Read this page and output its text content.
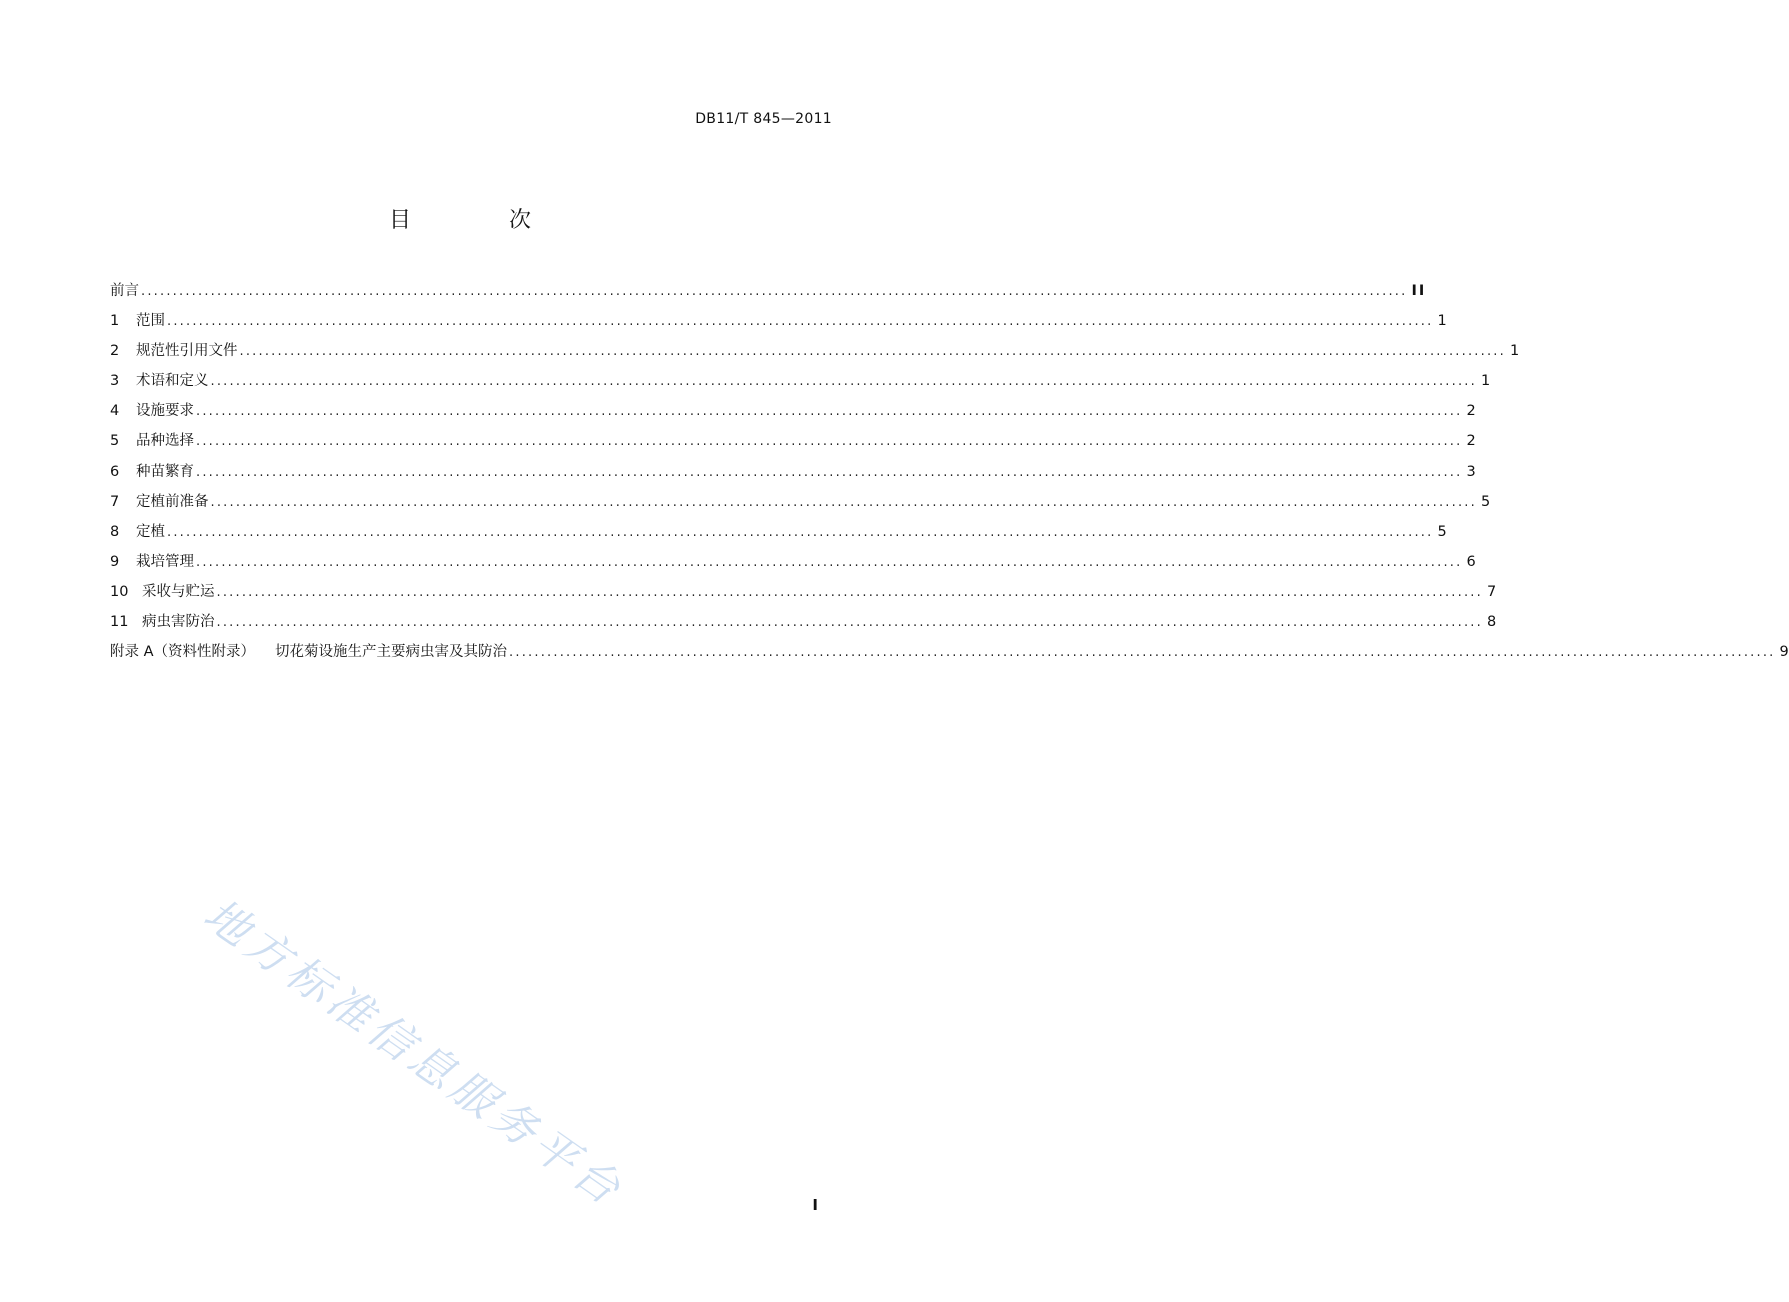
DB11/T 845—2011
目　次
前言 ........................................................................................................................................................................................................ II
1	范围 ........................................................................................................................................................................................................ 1
2	规范性引用文件 ........................................................................................................................................................................................................ 1
3	术语和定义 ........................................................................................................................................................................................................ 1
4	设施要求 ........................................................................................................................................................................................................ 2
5	品种选择 ........................................................................................................................................................................................................ 2
6	种苗繁育 ........................................................................................................................................................................................................ 3
7	定植前准备 ........................................................................................................................................................................................................ 5
8	定植 ........................................................................................................................................................................................................ 5
9	栽培管理 ........................................................................................................................................................................................................ 6
10 采收与贮运 ........................................................................................................................................................................................................ 7
11 病虫害防治 ........................................................................................................................................................................................................ 8
附录 A（资料性附录） 切花菊设施生产主要病虫害及其防治 ........................................................................................................................................................................................................ 9
地方标准信息服务平台	I
